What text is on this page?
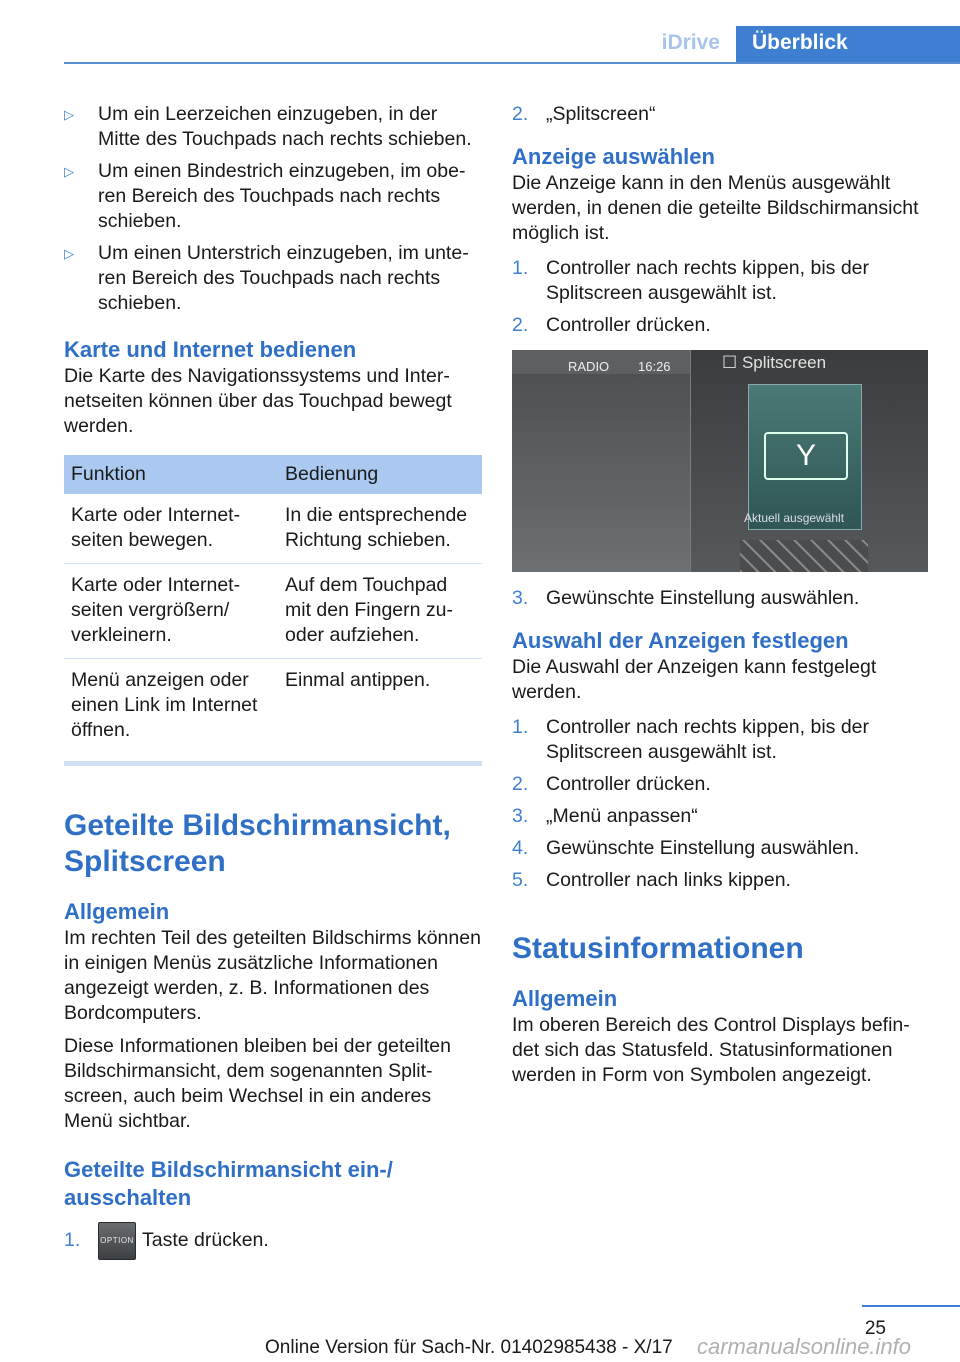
iDrive	Überblick
▷ Um ein Leerzeichen einzugeben, in der Mitte des Touchpads nach rechts schieben.
▷ Um einen Bindestrich einzugeben, im oberen Bereich des Touchpads nach rechts schieben.
▷ Um einen Unterstrich einzugeben, im unteren Bereich des Touchpads nach rechts schieben.
Karte und Internet bedienen

Die Karte des Navigationssystems und Internetseiten können über das Touchpad bewegt werden.

Funktion	Bedienung
Karte oder Internetseiten bewegen.	In die entsprechende Richtung schieben.
Karte oder Internetseiten vergrößern/ verkleinern.	Auf dem Touchpad mit den Fingern zu- oder aufziehen.
Menü anzeigen oder einen Link im Internet öffnen.	Einmal antippen.
Geteilte Bildschirmansicht, Splitscreen
Allgemein

Im rechten Teil des geteilten Bildschirms können in einigen Menüs zusätzliche Informationen angezeigt werden, z. B. Informationen des Bordcomputers.

Diese Informationen bleiben bei der geteilten Bildschirmansicht, dem sogenannten Splitscreen, auch beim Wechsel in ein anderes Menü sichtbar.

Geteilte Bildschirmansicht ein-/ ausschalten
1. OPTION Taste drücken.
2. „Splitscreen“
Anzeige auswählen

Die Anzeige kann in den Menüs ausgewählt werden, in denen die geteilte Bildschirmansicht möglich ist.

1. Controller nach rechts kippen, bis der Splitscreen ausgewählt ist.
2. Controller drücken.
RADIO 16:26	☐ Splitscreen
Y
Aktuell ausgewählt
3. Gewünschte Einstellung auswählen.
Auswahl der Anzeigen festlegen

Die Auswahl der Anzeigen kann festgelegt werden.

1. Controller nach rechts kippen, bis der Splitscreen ausgewählt ist.
2. Controller drücken.
3. „Menü anpassen“
4. Gewünschte Einstellung auswählen.
5. Controller nach links kippen.
Statusinformationen
Allgemein

Im oberen Bereich des Control Displays befindet sich das Statusfeld. Statusinformationen werden in Form von Symbolen angezeigt.

25
Online Version für Sach-Nr. 01402985438 - X/17 carmanualsonline.info
